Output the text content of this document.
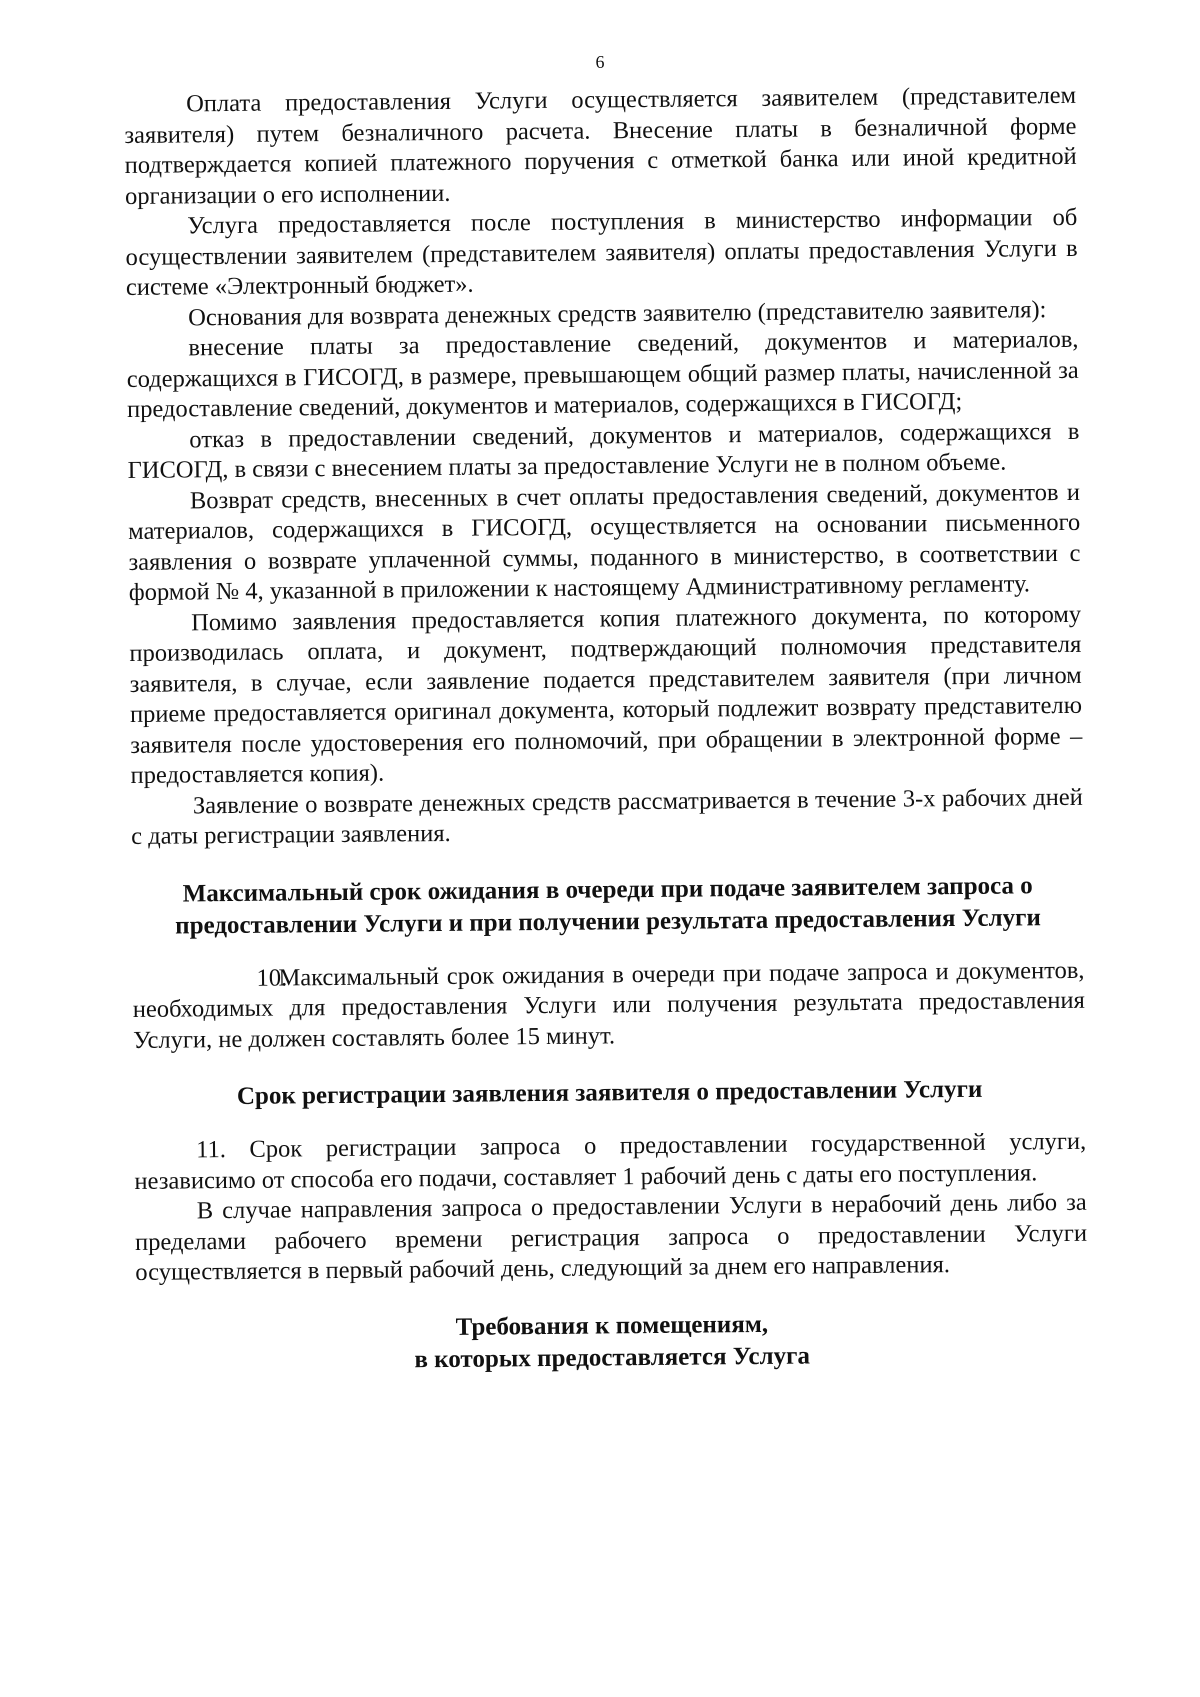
6

Оплата предоставления Услуги осуществляется заявителем (представителем заявителя) путем безналичного расчета. Внесение платы в безналичной форме подтверждается копией платежного поручения с отметкой банка или иной кредитной организации о его исполнении.

Услуга предоставляется после поступления в министерство информации об осуществлении заявителем (представителем заявителя) оплаты предоставления Услуги в системе «Электронный бюджет».

Основания для возврата денежных средств заявителю (представителю заявителя):

внесение платы за предоставление сведений, документов и материалов, содержащихся в ГИСОГД, в размере, превышающем общий размер платы, начисленной за предоставление сведений, документов и материалов, содержащихся в ГИСОГД;

отказ в предоставлении сведений, документов и материалов, содержащихся в ГИСОГД, в связи с внесением платы за предоставление Услуги не в полном объеме.

Возврат средств, внесенных в счет оплаты предоставления сведений, документов и материалов, содержащихся в ГИСОГД, осуществляется на основании письменного заявления о возврате уплаченной суммы, поданного в министерство, в соответствии с формой № 4, указанной в приложении к настоящему Административному регламенту.

Помимо заявления предоставляется копия платежного документа, по которому производилась оплата, и документ, подтверждающий полномочия представителя заявителя, в случае, если заявление подается представителем заявителя (при личном приеме предоставляется оригинал документа, который подлежит возврату представителю заявителя после удостоверения его полномочий, при обращении в электронной форме – предоставляется копия).

Заявление о возврате денежных средств рассматривается в течение 3-х рабочих дней с даты регистрации заявления.

Максимальный срок ожидания в очереди при подаче заявителем запроса о предоставлении Услуги и при получении результата предоставления Услуги

10.Максимальный срок ожидания в очереди при подаче запроса и документов, необходимых для предоставления Услуги или получения результата предоставления Услуги, не должен составлять более 15 минут.

Срок регистрации заявления заявителя о предоставлении Услуги

11. Срок регистрации запроса о предоставлении государственной услуги, независимо от способа его подачи, составляет 1 рабочий день с даты его поступления.

В случае направления запроса о предоставлении Услуги в нерабочий день либо за пределами рабочего времени регистрация запроса о предоставлении Услуги осуществляется в первый рабочий день, следующий за днем его направления.

Требования к помещениям,
в которых предоставляется Услуга
